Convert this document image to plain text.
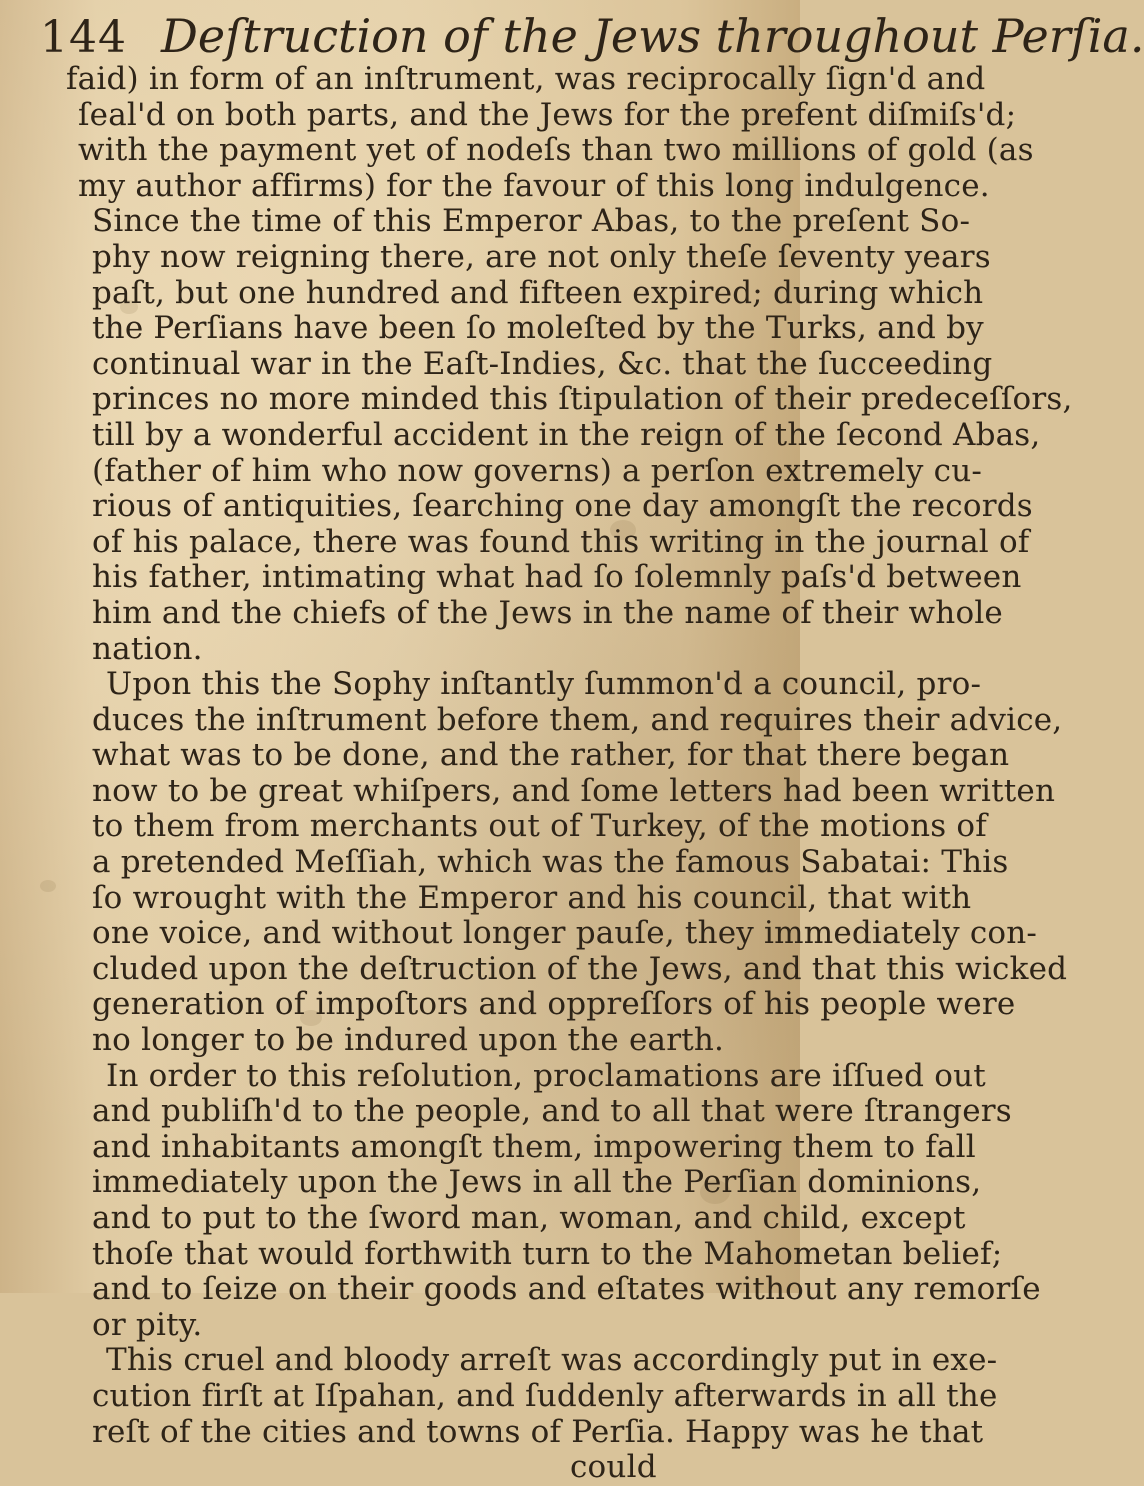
144 Deſtruction of the Jews throughout Perſia.
faid) in form of an inſtrument, was reciprocally ſign'd and
ſeal'd on both parts, and the Jews for the prefent diſmiſs'd;
with the payment yet of nodeſs than two millions of gold (as
my author affirms) for the favour of this long indulgence.
Since the time of this Emperor Abas, to the preſent So-
phy now reigning there, are not only theſe ſeventy years
paſt, but one hundred and fifteen expired; during which
the Perſians have been ſo moleſted by the Turks, and by
continual war in the Eaſt-Indies, &c. that the ſucceeding
princes no more minded this ſtipulation of their predeceſſors,
till by a wonderful accident in the reign of the ſecond Abas,
(father of him who now governs) a perſon extremely cu-
rious of antiquities, ſearching one day amongſt the records
of his palace, there was found this writing in the journal of
his father, intimating what had ſo ſolemnly paſs'd between
him and the chiefs of the Jews in the name of their whole
nation.
Upon this the Sophy inſtantly ſummon'd a council, pro-
duces the inſtrument before them, and requires their advice,
what was to be done, and the rather, for that there began
now to be great whiſpers, and ſome letters had been written
to them from merchants out of Turkey, of the motions of
a pretended Meſſiah, which was the famous Sabatai: This
ſo wrought with the Emperor and his council, that with
one voice, and without longer pauſe, they immediately con-
cluded upon the deſtruction of the Jews, and that this wicked
generation of impoſtors and oppreſſors of his people were
no longer to be indured upon the earth.
In order to this reſolution, proclamations are iſſued out
and publiſh'd to the people, and to all that were ſtrangers
and inhabitants amongſt them, impowering them to fall
immediately upon the Jews in all the Perſian dominions,
and to put to the ſword man, woman, and child, except
thoſe that would forthwith turn to the Mahometan belief;
and to ſeize on their goods and eſtates without any remorſe
or pity.
This cruel and bloody arreſt was accordingly put in exe-
cution firſt at Iſpahan, and ſuddenly afterwards in all the
reſt of the cities and towns of Perſia. Happy was he that
could
